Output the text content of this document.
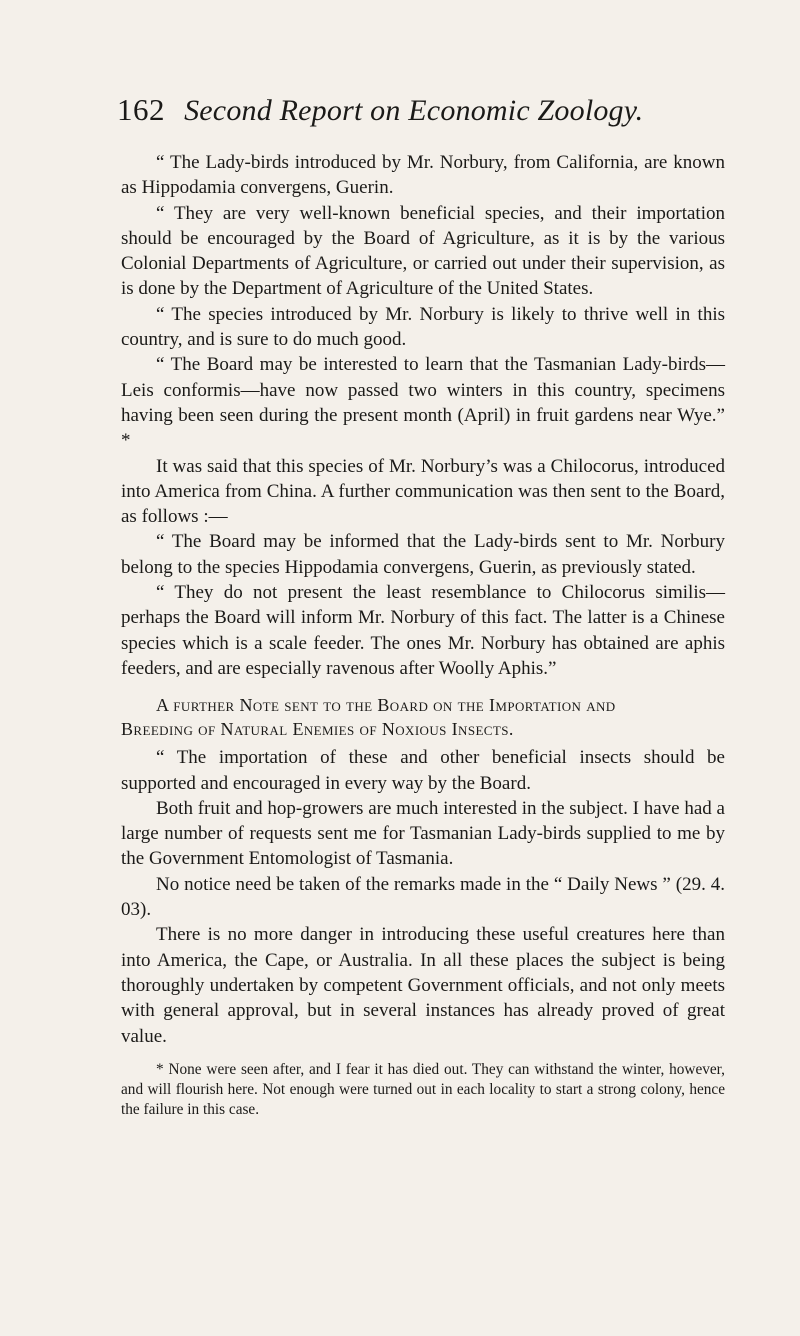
162 Second Report on Economic Zoology.

“ The Lady-birds introduced by Mr. Norbury, from California, are known as Hippodamia convergens, Guerin.

“ They are very well-known beneficial species, and their importation should be encouraged by the Board of Agriculture, as it is by the various Colonial Departments of Agriculture, or carried out under their supervision, as is done by the Department of Agriculture of the United States.

“ The species introduced by Mr. Norbury is likely to thrive well in this country, and is sure to do much good.

“ The Board may be interested to learn that the Tasmanian Lady-birds—Leis conformis—have now passed two winters in this country, specimens having been seen during the present month (April) in fruit gardens near Wye.” *

It was said that this species of Mr. Norbury’s was a Chilocorus, introduced into America from China. A further communication was then sent to the Board, as follows :—

“ The Board may be informed that the Lady-birds sent to Mr. Norbury belong to the species Hippodamia convergens, Guerin, as previously stated.

“ They do not present the least resemblance to Chilocorus similis— perhaps the Board will inform Mr. Norbury of this fact. The latter is a Chinese species which is a scale feeder. The ones Mr. Norbury has obtained are aphis feeders, and are especially ravenous after Woolly Aphis.”

A further Note sent to the Board on the Importation and
Breeding of Natural Enemies of Noxious Insects.

“ The importation of these and other beneficial insects should be supported and encouraged in every way by the Board.

Both fruit and hop-growers are much interested in the subject. I have had a large number of requests sent me for Tasmanian Lady-birds supplied to me by the Government Entomologist of Tasmania.

No notice need be taken of the remarks made in the “ Daily News ” (29. 4. 03).

There is no more danger in introducing these useful creatures here than into America, the Cape, or Australia. In all these places the subject is being thoroughly undertaken by competent Government officials, and not only meets with general approval, but in several instances has already proved of great value.

* None were seen after, and I fear it has died out. They can withstand the winter, however, and will flourish here. Not enough were turned out in each locality to start a strong colony, hence the failure in this case.
